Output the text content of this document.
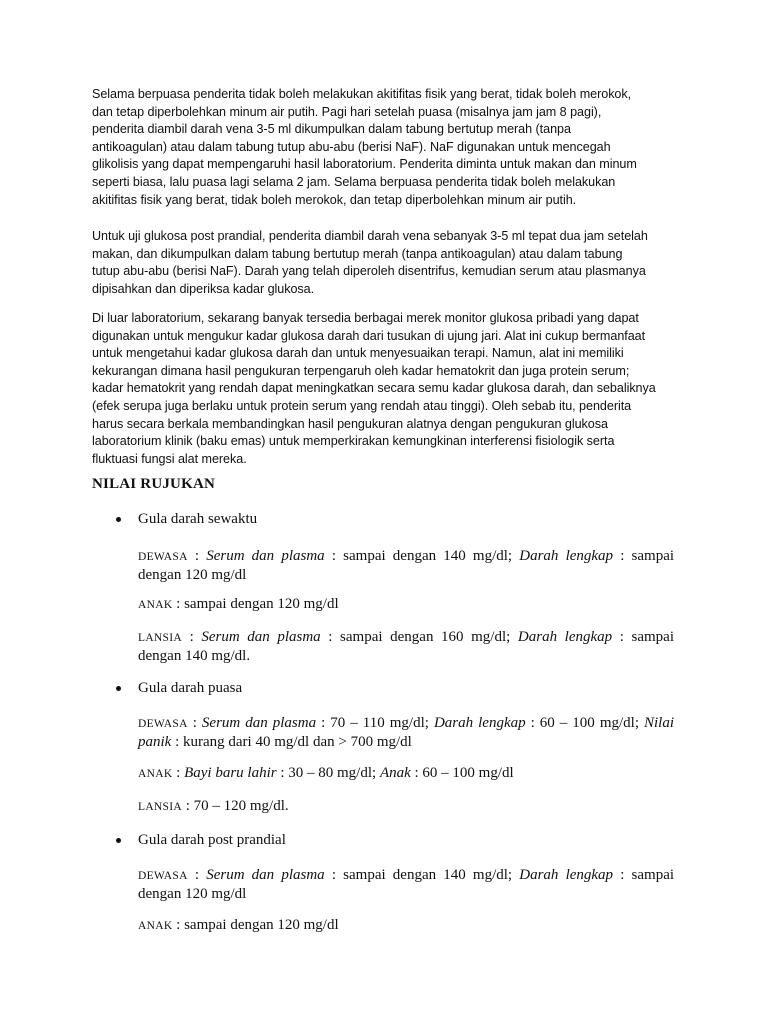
Selama berpuasa penderita tidak boleh melakukan akitifitas fisik yang berat, tidak boleh merokok,
dan tetap diperbolehkan minum air putih. Pagi hari setelah puasa (misalnya jam jam 8 pagi),
penderita diambil darah vena 3-5 ml dikumpulkan dalam tabung bertutup merah (tanpa
antikoagulan) atau dalam tabung tutup abu-abu (berisi NaF). NaF digunakan untuk mencegah
glikolisis yang dapat mempengaruhi hasil laboratorium. Penderita diminta untuk makan dan minum
seperti biasa, lalu puasa lagi selama 2 jam. Selama berpuasa penderita tidak boleh melakukan
akitifitas fisik yang berat, tidak boleh merokok, dan tetap diperbolehkan minum air putih.
Untuk uji glukosa post prandial, penderita diambil darah vena sebanyak 3-5 ml tepat dua jam setelah
makan, dan dikumpulkan dalam tabung bertutup merah (tanpa antikoagulan) atau dalam tabung
tutup abu-abu (berisi NaF). Darah yang telah diperoleh disentrifus, kemudian serum atau plasmanya
dipisahkan dan diperiksa kadar glukosa.
Di luar laboratorium, sekarang banyak tersedia berbagai merek monitor glukosa pribadi yang dapat
digunakan untuk mengukur kadar glukosa darah dari tusukan di ujung jari. Alat ini cukup bermanfaat
untuk mengetahui kadar glukosa darah dan untuk menyesuaikan terapi. Namun, alat ini memiliki
kekurangan dimana hasil pengukuran terpengaruh oleh kadar hematokrit dan juga protein serum;
kadar hematokrit yang rendah dapat meningkatkan secara semu kadar glukosa darah, dan sebaliknya
(efek serupa juga berlaku untuk protein serum yang rendah atau tinggi). Oleh sebab itu, penderita
harus secara berkala membandingkan hasil pengukuran alatnya dengan pengukuran glukosa
laboratorium klinik (baku emas) untuk memperkirakan kemungkinan interferensi fisiologik serta
fluktuasi fungsi alat mereka.
NILAI RUJUKAN
Gula darah sewaktu
DEWASA : Serum dan plasma : sampai dengan 140 mg/dl; Darah lengkap : sampai
dengan 120 mg/dl
ANAK : sampai dengan 120 mg/dl
LANSIA : Serum dan plasma : sampai dengan 160 mg/dl; Darah lengkap : sampai
dengan 140 mg/dl.
Gula darah puasa
DEWASA : Serum dan plasma : 70 – 110 mg/dl; Darah lengkap : 60 – 100 mg/dl; Nilai
panik : kurang dari 40 mg/dl dan > 700 mg/dl
ANAK : Bayi baru lahir : 30 – 80 mg/dl; Anak : 60 – 100 mg/dl
LANSIA : 70 – 120 mg/dl.
Gula darah post prandial
DEWASA : Serum dan plasma : sampai dengan 140 mg/dl; Darah lengkap : sampai
dengan 120 mg/dl
ANAK : sampai dengan 120 mg/dl
